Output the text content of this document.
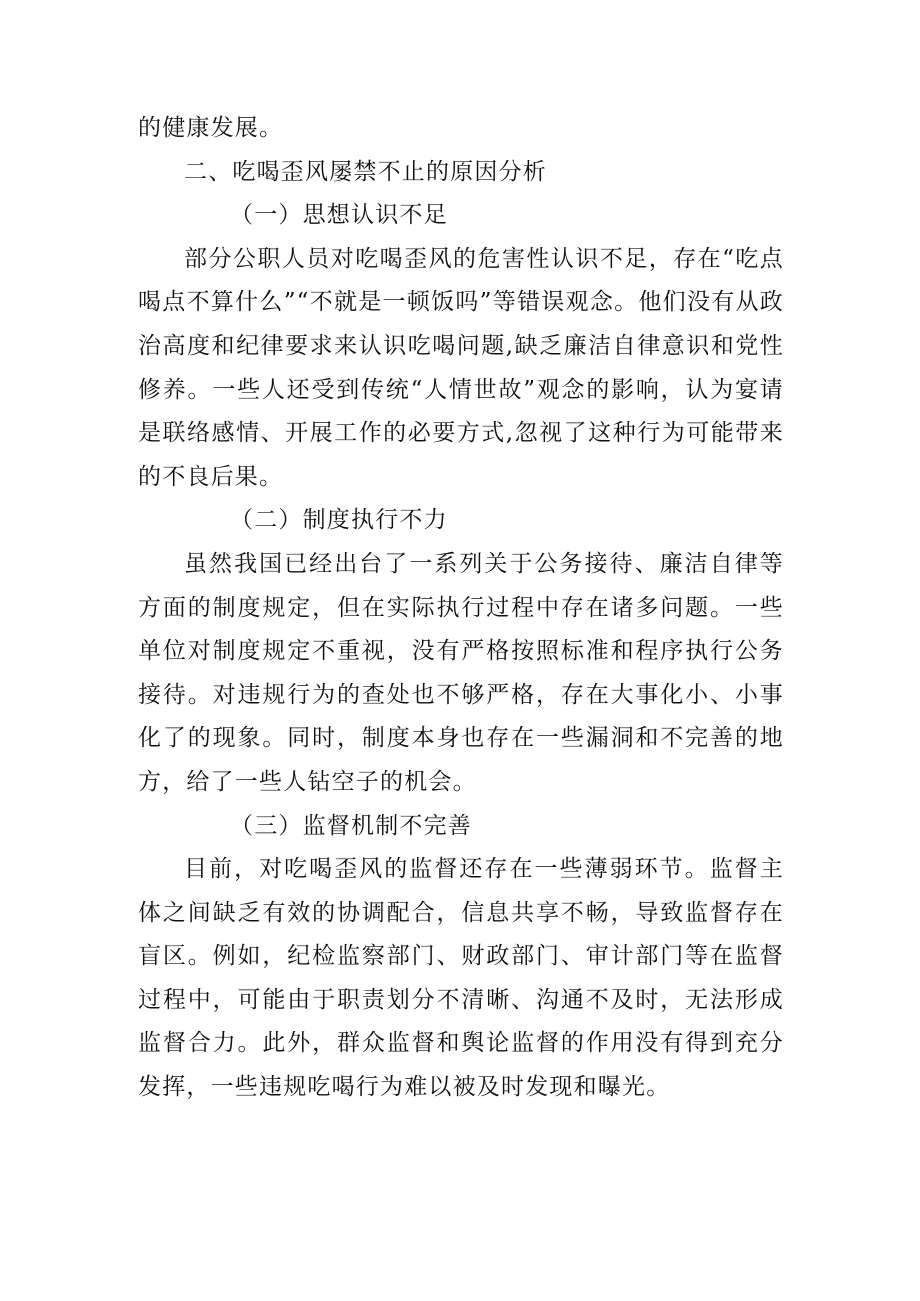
的健康发展。

二、吃喝歪风屡禁不止的原因分析

（一）思想认识不足

部分公职人员对吃喝歪风的危害性认识不足，存在“吃点喝点不算什么”“不就是一顿饭吗”等错误观念。他们没有从政治高度和纪律要求来认识吃喝问题,缺乏廉洁自律意识和党性修养。一些人还受到传统“人情世故”观念的影响，认为宴请是联络感情、开展工作的必要方式,忽视了这种行为可能带来的不良后果。

（二）制度执行不力

虽然我国已经出台了一系列关于公务接待、廉洁自律等方面的制度规定，但在实际执行过程中存在诸多问题。一些单位对制度规定不重视，没有严格按照标准和程序执行公务接待。对违规行为的查处也不够严格，存在大事化小、小事化了的现象。同时，制度本身也存在一些漏洞和不完善的地方，给了一些人钻空子的机会。

（三）监督机制不完善

目前，对吃喝歪风的监督还存在一些薄弱环节。监督主体之间缺乏有效的协调配合，信息共享不畅，导致监督存在盲区。例如，纪检监察部门、财政部门、审计部门等在监督过程中，可能由于职责划分不清晰、沟通不及时，无法形成监督合力。此外，群众监督和舆论监督的作用没有得到充分发挥，一些违规吃喝行为难以被及时发现和曝光。
